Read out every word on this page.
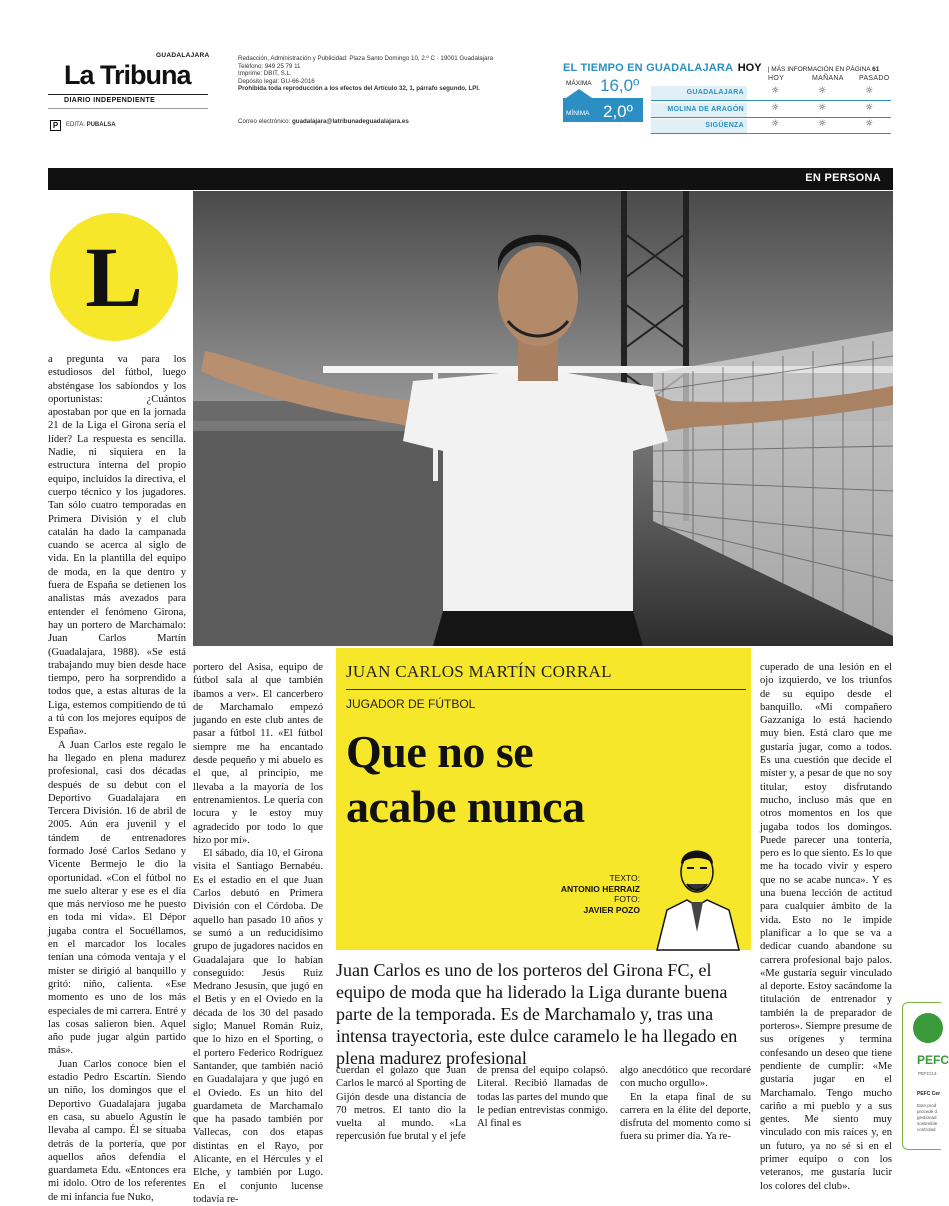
GUADALAJARA
La Tribuna
DIARIO INDEPENDIENTE
P	EDITA: PUBALSA
Redacción, Administración y Publicidad: Plaza Santo Domingo 10, 2.º C · 19001 Guadalajara
Teléfono: 949 25 79 11
Imprime: DBIT, S.L.
Depósito legal: GU-66-2016
Prohibida toda reproducción a los efectos del Artículo 32, 1, párrafo segundo, LPI.
Correo electrónico: guadalajara@latribunadeguadalajara.es
EL TIEMPO EN GUADALAJARA HOY  | MÁS INFORMACIÓN EN PÁGINA 61
HOY	MAÑANA PASADO
MÁXIMA 16,0º
MÍNIMA 2,0º
GUADALAJARA	☼	☼	☼
MOLINA DE ARAGÓN	☼	☼	☼
SIGÜENZA	☼	☼	☼
EN PERSONA
L

a pregunta va para los estudiosos del fútbol, luego absténgase los sabiondos y los oportunistas: ¿Cuántos apostaban por que en la jornada 21 de la Liga el Girona sería el líder? La respuesta es sencilla. Nadie, ni siquiera en la estructura interna del propio equipo, incluidos la directiva, el cuerpo técnico y los jugadores. Tan sólo cuatro temporadas en Primera División y el club catalán ha dado la campanada cuando se acerca al siglo de vida. En la plantilla del equipo de moda, en la que dentro y fuera de España se detienen los analistas más avezados para entender el fenómeno Girona, hay un portero de Marchamalo: Juan Carlos Martín (Guadalajara, 1988). «Se está trabajando muy bien desde hace tiempo, pero ha sorprendido a todos que, a estas alturas de la Liga, estemos compitiendo de tú a tú con los mejores equipos de España».

A Juan Carlos este regalo le ha llegado en plena madurez profesional, casi dos décadas después de su debut con el Deportivo Guadalajara en Tercera División. 16 de abril de 2005. Aún era juvenil y el tándem de entrenadores formado José Carlos Sedano y Vicente Bermejo le dio la oportunidad. «Con el fútbol no me suelo alterar y ese es el día que más nervioso me he puesto en toda mi vida». El Dépor jugaba contra el Socuéllamos, en el marcador los locales tenían una cómoda ventaja y el míster se dirigió al banquillo y gritó: niño, calienta. «Ese momento es uno de los más especiales de mi carrera. Entré y las cosas salieron bien. Aquel año pude jugar algún partido más».

Juan Carlos conoce bien el estadio Pedro Escartín. Siendo un niño, los domingos que el Deportivo Guadalajara jugaba en casa, su abuelo Agustín le llevaba al campo. Él se situaba detrás de la portería, que por aquellos años defendía el guardameta Edu. «Entonces era mi ídolo. Otro de los referentes de mi infancia fue Nuko,

portero del Asisa, equipo de fútbol sala al que también íbamos a ver». El cancerbero de Marchamalo empezó jugando en este club antes de pasar a fútbol 11. «El fútbol siempre me ha encantado desde pequeño y mi abuelo es el que, al principio, me llevaba a la mayoría de los entrenamientos. Le quería con locura y le estoy muy agradecido por todo lo que hizo por mí».

El sábado, día 10, el Girona visita el Santiago Bernabéu. Es el estadio en el que Juan Carlos debutó en Primera División con el Córdoba. De aquello han pasado 10 años y se sumó a un reducidísimo grupo de jugadores nacidos en Guadalajara que lo habían conseguido: Jesús Ruiz Medrano Jesusín, que jugó en el Betis y en el Oviedo en la década de los 30 del pasado siglo; Manuel Román Ruiz, que lo hizo en el Sporting, o el portero Federico Rodríguez Santander, que también nació en Guadalajara y que jugó en el Oviedo. Es un hito del guardameta de Marchamalo que ha pasado también por Vallecas, con dos etapas distintas en el Rayo, por Alicante, en el Hércules y el Elche, y también por Lugo. En el conjunto lucense todavía re-

JUAN CARLOS MARTÍN CORRAL
JUGADOR DE FÚTBOL
Que no se
acabe nunca
TEXTO:
ANTONIO HERRAIZ
FOTO:
JAVIER POZO
Juan Carlos es uno de los porteros del Girona FC, el equipo de moda que ha liderado la Liga durante buena parte de la temporada. Es de Marchamalo y, tras una intensa trayectoria, este dulce caramelo le ha llegado en plena madurez profesional

cuerdan el golazo que Juan Carlos le marcó al Sporting de Gijón desde una distancia de 70 metros. El tanto dio la vuelta al mundo. «La repercusión fue brutal y el jefe

de prensa del equipo colapsó. Literal. Recibió llamadas de todas las partes del mundo que le pedían entrevistas conmigo. Al final es

algo anecdótico que recordaré con mucho orgullo».

En la etapa final de su carrera en la élite del deporte, disfruta del momento como si fuera su primer día. Ya re-

cuperado de una lesión en el ojo izquierdo, ve los triunfos de su equipo desde el banquillo. «Mi compañero Gazzaniga lo está haciendo muy bien. Está claro que me gustaría jugar, como a todos. Es una cuestión que decide el míster y, a pesar de que no soy titular, estoy disfrutando mucho, incluso más que en otros momentos en los que jugaba todos los domingos. Puede parecer una tontería, pero es lo que siento. Es lo que me ha tocado vivir y espero que no se acabe nunca». Y es una buena lección de actitud para cualquier ámbito de la vida. Esto no le impide planificar a lo que se va a dedicar cuando abandone su carrera profesional bajo palos. «Me gustaría seguir vinculado al deporte. Estoy sacándome la titulación de entrenador y también la de preparador de porteros». Siempre presume de sus orígenes y termina confesando un deseo que tiene pendiente de cumplir: «Me gustaría jugar en el Marchamalo. Tengo mucho cariño a mi pueblo y a sus gentes. Me siento muy vinculado con mis raíces y, en un futuro, ya no sé si en el primer equipo o con los veteranos, me gustaría lucir los colores del club».

PEFC
PEFC/14-
PEFC Cer
Este prod
procede d
gestionad
sostenible
controlad
